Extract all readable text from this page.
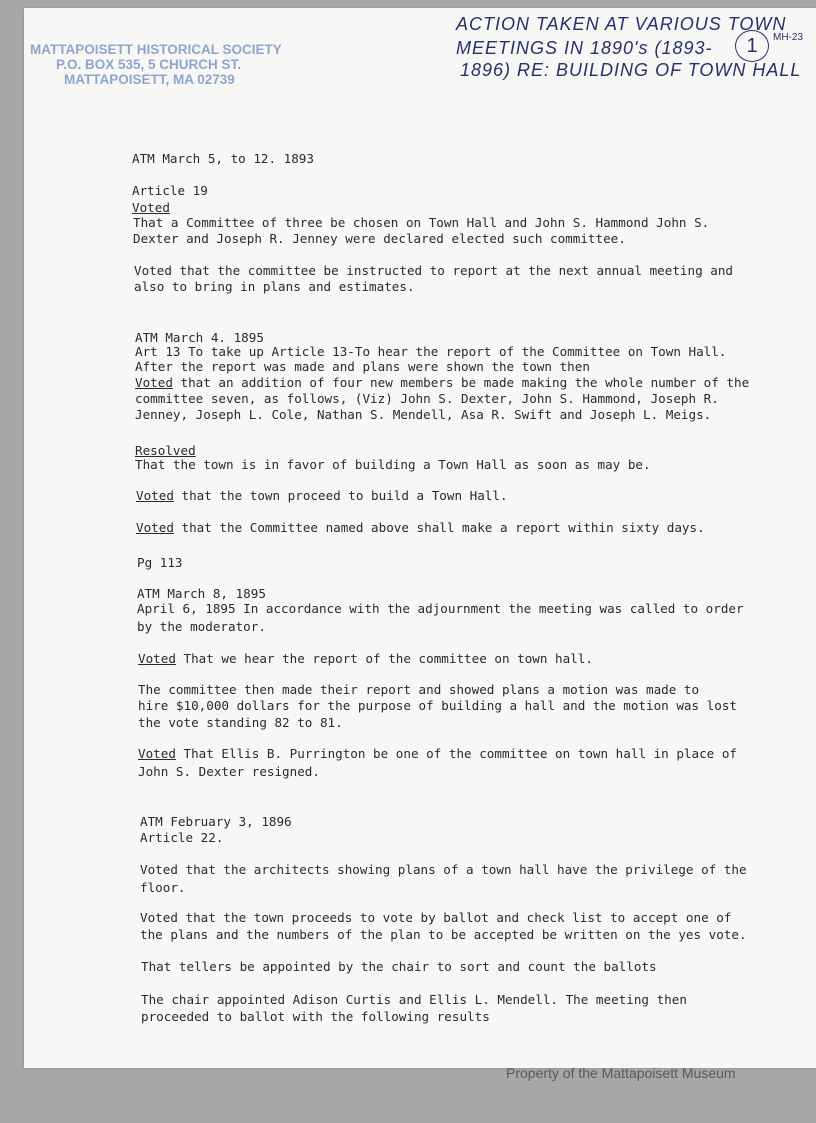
MATTAPOISETT HISTORICAL SOCIETY
P.O. BOX 535, 5 CHURCH ST.
MATTAPOISETT, MA 02739
ACTION TAKEN AT VARIOUS TOWN
MEETINGS IN 1890's (1893-
1896) RE: BUILDING OF TOWN HALL
1	MH-23
ATM March 5, to 12. 1893
Article 19
Voted
That a Committee of three be chosen on Town Hall and John S. Hammond John S.
Dexter and Joseph R. Jenney were declared elected such committee.
Voted that the committee be instructed to report at the next annual meeting and
also to bring in plans and estimates.
ATM March 4. 1895
Art 13 To take up Article 13-To hear the report of the Committee on Town Hall.
After the report was made and plans were shown the town then
Voted that an addition of four new members be made making the whole number of the
committee seven, as follows, (Viz) John S. Dexter, John S. Hammond, Joseph R.
Jenney, Joseph L. Cole, Nathan S. Mendell, Asa R. Swift and Joseph L. Meigs.
Resolved
That the town is in favor of building a Town Hall as soon as may be.
Voted that the town proceed to build a Town Hall.
Voted that the Committee named above shall make a report within sixty days.
Pg 113
ATM March 8, 1895
April 6, 1895 In accordance with the adjournment the meeting was called to order
by the moderator.
Voted That we hear the report of the committee on town hall.
The committee then made their report and showed plans a motion was made to
hire $10,000 dollars for the purpose of building a hall and the motion was lost
the vote standing 82 to 81.
Voted That Ellis B. Purrington be one of the committee on town hall in place of
John S. Dexter resigned.
ATM February 3, 1896
Article 22.
Voted that the architects showing plans of a town hall have the privilege of the
floor.
Voted that the town proceeds to vote by ballot and check list to accept one of
the plans and the numbers of the plan to be accepted be written on the yes vote.
That tellers be appointed by the chair to sort and count the ballots
The chair appointed Adison Curtis and Ellis L. Mendell. The meeting then
proceeded to ballot with the following results
Property of the Mattapoisett Museum
